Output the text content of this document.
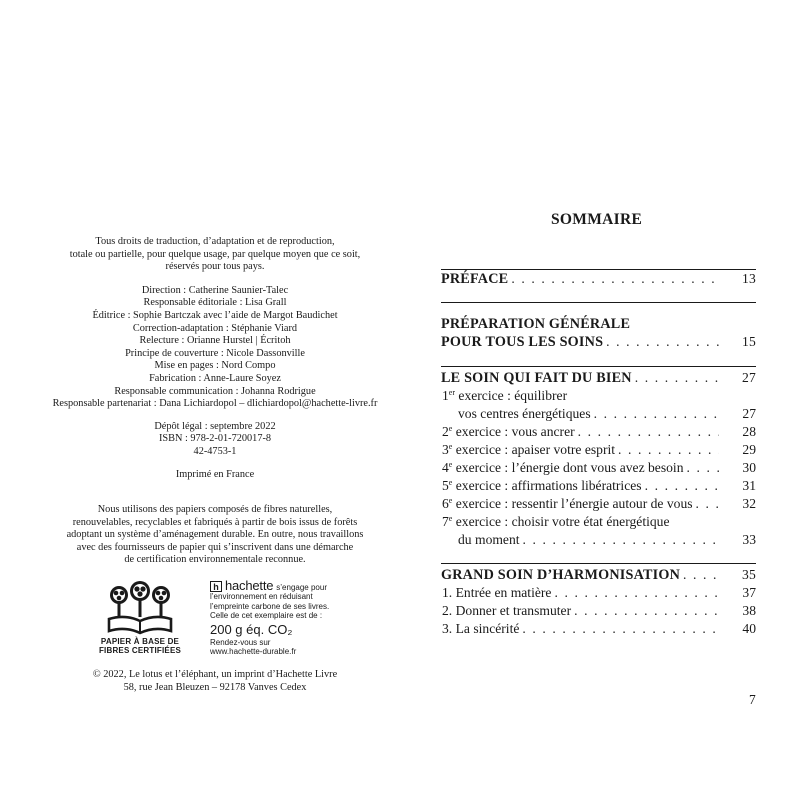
Tous droits de traduction, d’adaptation et de reproduction,

totale ou partielle, pour quelque usage, par quelque moyen que ce soit,

réservés pour tous pays.

Direction : Catherine Saunier-Talec

Responsable éditoriale : Lisa Grall

Éditrice : Sophie Bartczak avec l’aide de Margot Baudichet

Correction-adaptation : Stéphanie Viard

Relecture : Orianne Hurstel | Écritoh

Principe de couverture : Nicole Dassonville

Mise en pages : Nord Compo

Fabrication : Anne-Laure Soyez

Responsable communication : Johanna Rodrigue

Responsable partenariat : Dana Lichiardopol – dlichiardopol@hachette-livre.fr

Dépôt légal : septembre 2022

ISBN : 978-2-01-720017-8

42-4753-1

Imprimé en France

Nous utilisons des papiers composés de fibres naturelles,

renouvelables, recyclables et fabriqués à partir de bois issus de forêts

adoptant un système d’aménagement durable. En outre, nous travaillons

avec des fournisseurs de papier qui s’inscrivent dans une démarche

de certification environnementale reconnue.

PAPIER À BASE DE
FIBRES CERTIFIÉES
h hachette s’engage pour
l’environnement en réduisant
l’empreinte carbone de ses livres.
Celle de cet exemplaire est de :
200 g éq. CO₂
Rendez-vous sur
www.hachette-durable.fr

© 2022, Le lotus et l’éléphant, un imprint d’Hachette Livre

58, rue Jean Bleuzen – 92178 Vanves Cedex

SOMMAIRE
PRÉFACE . . .	13
PRÉPARATION GÉNÉRALE
POUR TOUS LES SOINS . . .	15
LE SOIN QUI FAIT DU BIEN . . .	27
1er exercice : équilibrer
vos centres énergétiques . . .	27
2e exercice : vous ancrer . . .	28
3e exercice : apaiser votre esprit . . .	29
4e exercice : l’énergie dont vous avez besoin . . .	30
5e exercice : affirmations libératrices . . .	31
6e exercice : ressentir l’énergie autour de vous . . .	32
7e exercice : choisir votre état énergétique
du moment . . .	33
GRAND SOIN D’HARMONISATION . . .	35
1. Entrée en matière . . .	37
2. Donner et transmuter . . .	38
3. La sincérité . . .	40
7
